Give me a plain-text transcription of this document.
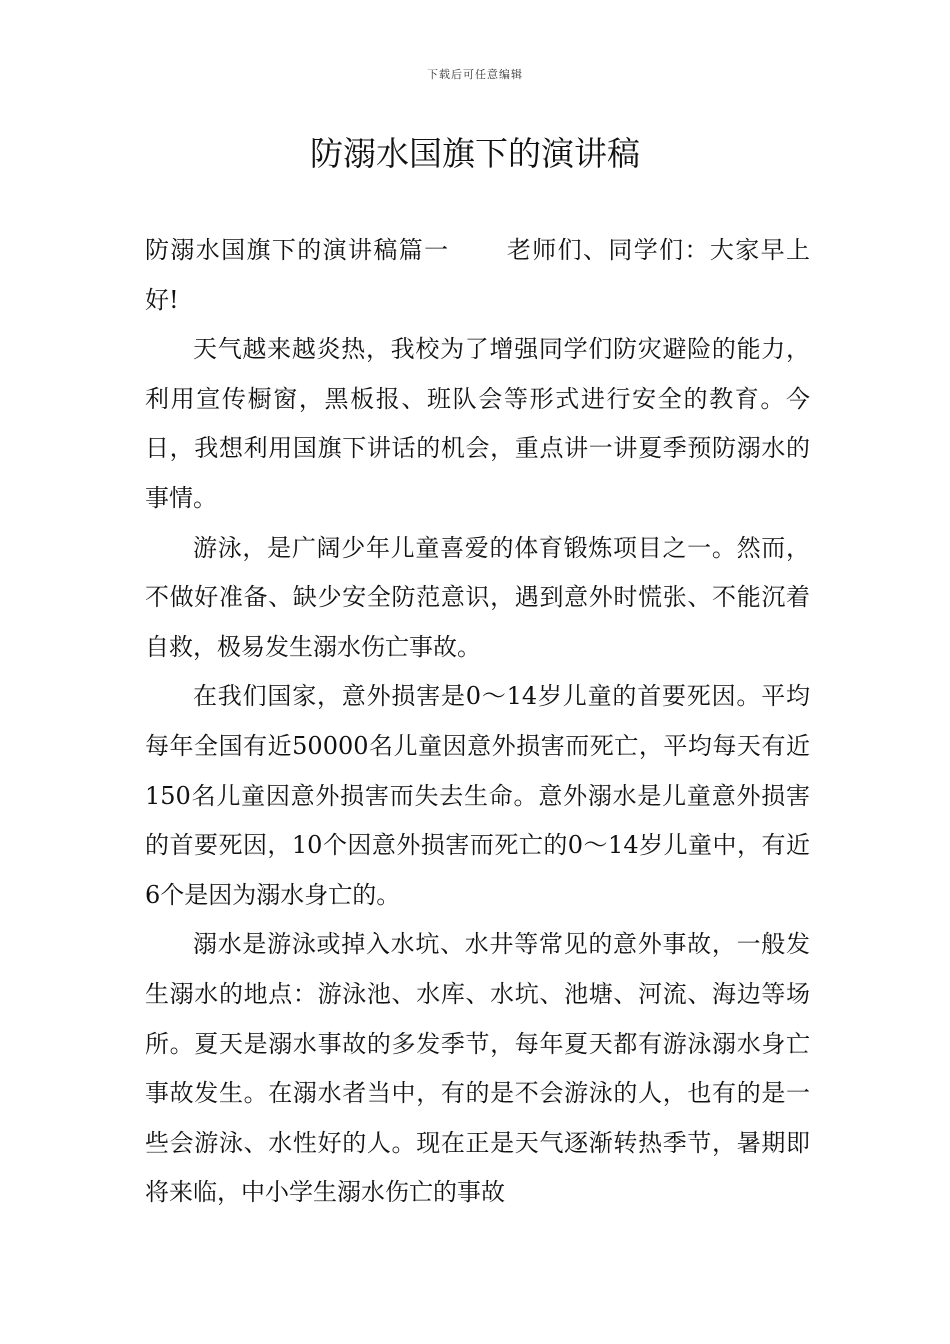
下载后可任意编辑
防溺水国旗下的演讲稿

防溺水国旗下的演讲稿篇一 老师们、同学们：大家早上好!

天气越来越炎热，我校为了增强同学们防灾避险的能力，利用宣传橱窗，黑板报、班队会等形式进行安全的教育。今日，我想利用国旗下讲话的机会，重点讲一讲夏季预防溺水的事情。

游泳，是广阔少年儿童喜爱的体育锻炼项目之一。然而，不做好准备、缺少安全防范意识，遇到意外时慌张、不能沉着自救，极易发生溺水伤亡事故。

在我们国家，意外损害是0～14岁儿童的首要死因。平均每年全国有近50000名儿童因意外损害而死亡，平均每天有近150名儿童因意外损害而失去生命。意外溺水是儿童意外损害的首要死因，10个因意外损害而死亡的0～14岁儿童中，有近6个是因为溺水身亡的。

溺水是游泳或掉入水坑、水井等常见的意外事故，一般发生溺水的地点：游泳池、水库、水坑、池塘、河流、海边等场所。夏天是溺水事故的多发季节，每年夏天都有游泳溺水身亡事故发生。在溺水者当中，有的是不会游泳的人，也有的是一些会游泳、水性好的人。现在正是天气逐渐转热季节，暑期即将来临，中小学生溺水伤亡的事故
